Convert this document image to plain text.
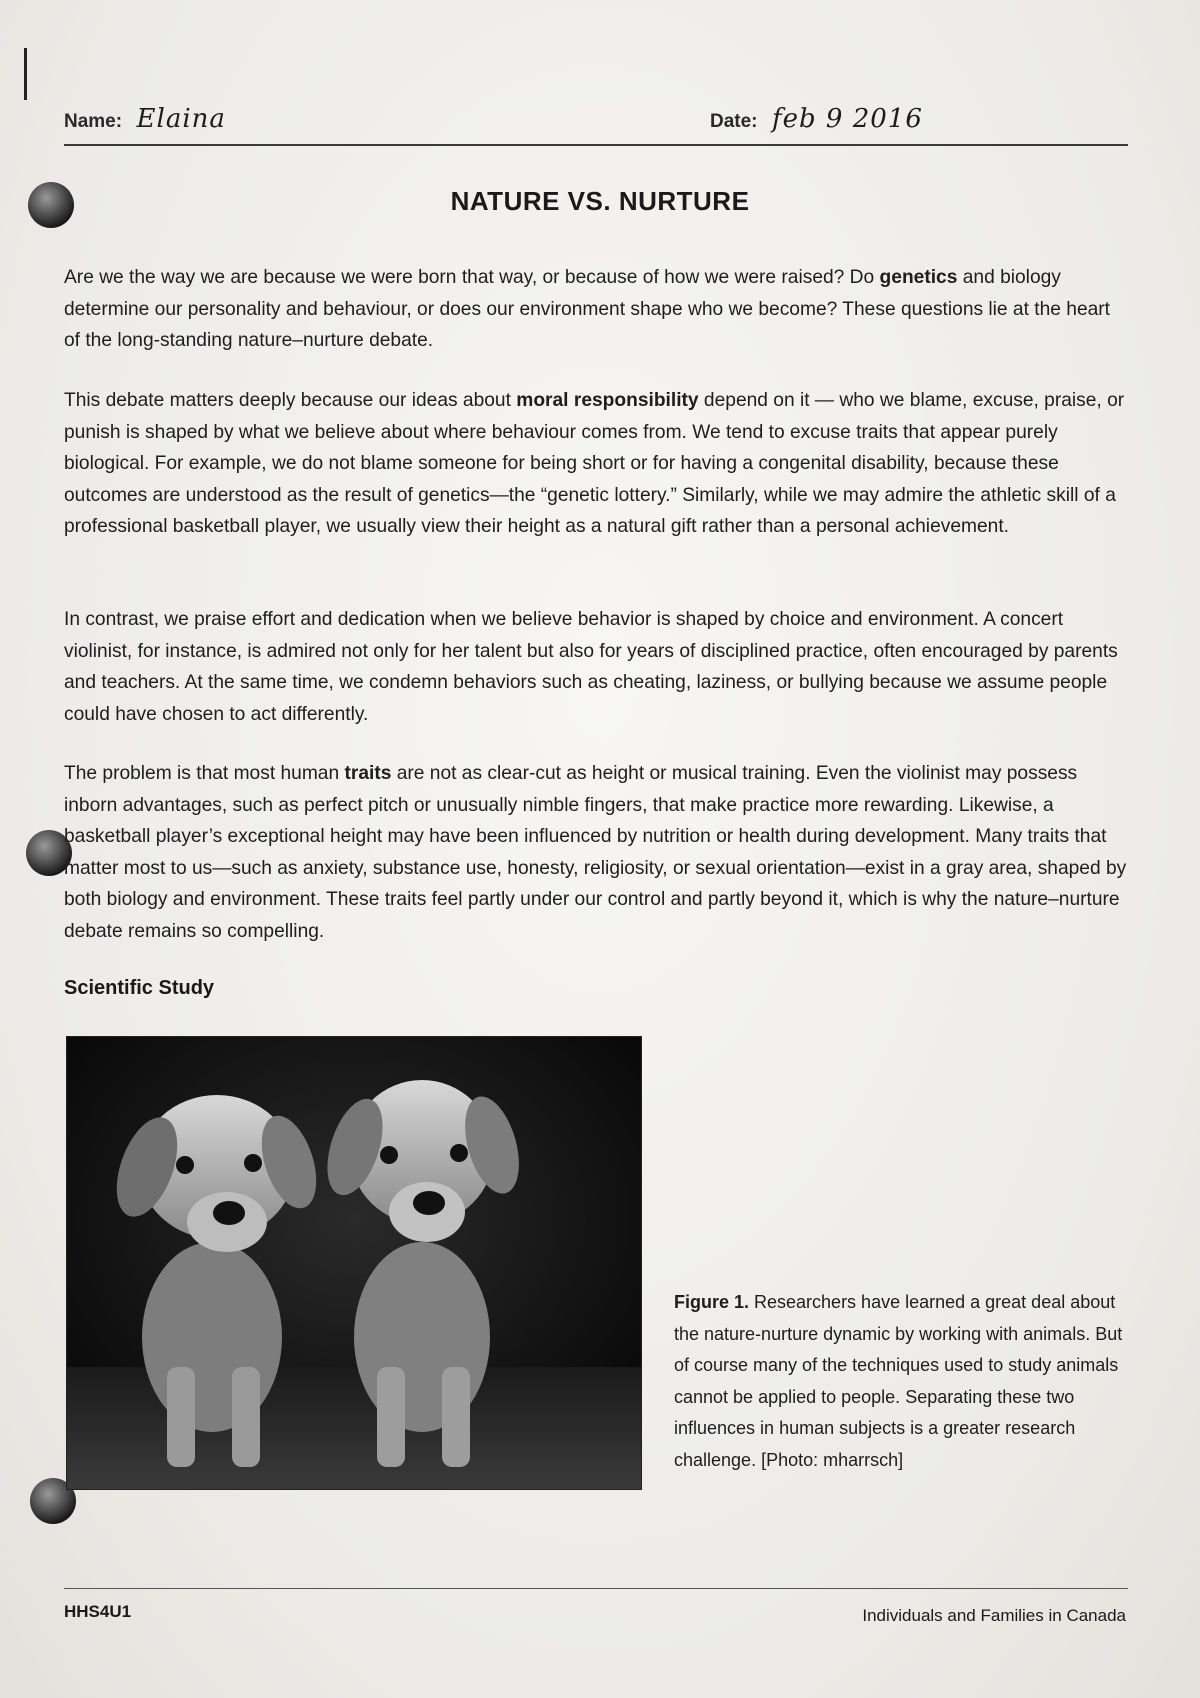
Name: Elaina	Date: feb 9 2016
NATURE VS. NURTURE

Are we the way we are because we were born that way, or because of how we were raised? Do genetics and biology determine our personality and behaviour, or does our environment shape who we become? These questions lie at the heart of the long-standing nature–nurture debate.

This debate matters deeply because our ideas about moral responsibility depend on it — who we blame, excuse, praise, or punish is shaped by what we believe about where behaviour comes from. We tend to excuse traits that appear purely biological. For example, we do not blame someone for being short or for having a congenital disability, because these outcomes are understood as the result of genetics—the “genetic lottery.” Similarly, while we may admire the athletic skill of a professional basketball player, we usually view their height as a natural gift rather than a personal achievement.

In contrast, we praise effort and dedication when we believe behavior is shaped by choice and environment. A concert violinist, for instance, is admired not only for her talent but also for years of disciplined practice, often encouraged by parents and teachers. At the same time, we condemn behaviors such as cheating, laziness, or bullying because we assume people could have chosen to act differently.

The problem is that most human traits are not as clear-cut as height or musical training. Even the violinist may possess inborn advantages, such as perfect pitch or unusually nimble fingers, that make practice more rewarding. Likewise, a basketball player’s exceptional height may have been influenced by nutrition or health during development. Many traits that matter most to us—such as anxiety, substance use, honesty, religiosity, or sexual orientation—exist in a gray area, shaped by both biology and environment. These traits feel partly under our control and partly beyond it, which is why the nature–nurture debate remains so compelling.

Scientific Study

Figure 1. Researchers have learned a great deal about the nature-nurture dynamic by working with animals. But of course many of the techniques used to study animals cannot be applied to people. Separating these two influences in human subjects is a greater research challenge. [Photo: mharrsch]

HHS4U1	Individuals and Families in Canada
